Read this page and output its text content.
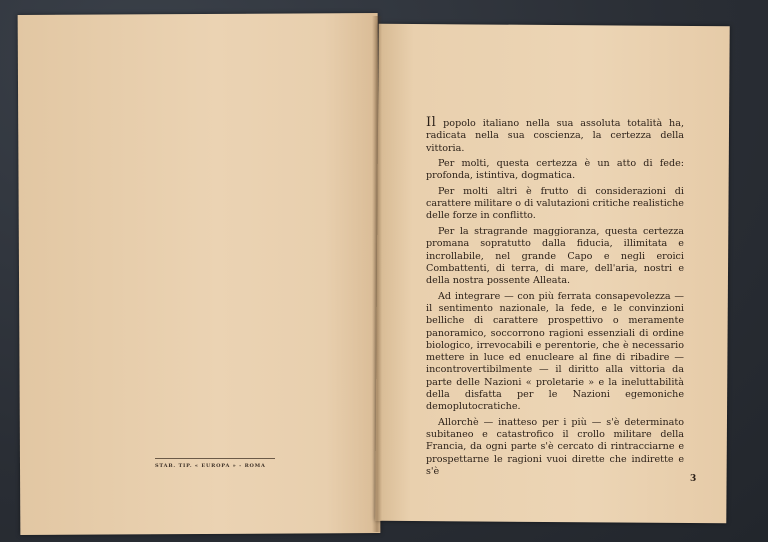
STAB. TIP. « EUROPA » - ROMA

Il popolo italiano nella sua assoluta totalità ha, radicata nella sua coscienza, la certezza della vittoria.

Per molti, questa certezza è un atto di fede: profonda, istintiva, dogmatica.

Per molti altri è frutto di considerazioni di carattere militare o di valutazioni critiche realistiche delle forze in conflitto.

Per la stragrande maggioranza, questa certezza promana sopratutto dalla fiducia, illimitata e incrollabile, nel grande Capo e negli eroici Combattenti, di terra, di mare, dell'aria, nostri e della nostra possente Alleata.

Ad integrare — con più ferrata consapevolezza — il sentimento nazionale, la fede, e le convinzioni belliche di carattere prospettivo o meramente panoramico, soccorrono ragioni essenziali di ordine biologico, irrevocabili e perentorie, che è necessario mettere in luce ed enucleare al fine di ribadire — incontrovertibilmente — il diritto alla vittoria da parte delle Nazioni « proletarie » e la ineluttabilità della disfatta per le Nazioni egemoniche demoplutocratiche.

Allorchè — inatteso per i più — s'è determinato subitaneo e catastrofico il crollo militare della Francia, da ogni parte s'è cercato di rintracciarne e prospettarne le ragioni vuoi dirette che indirette e s'è

3
